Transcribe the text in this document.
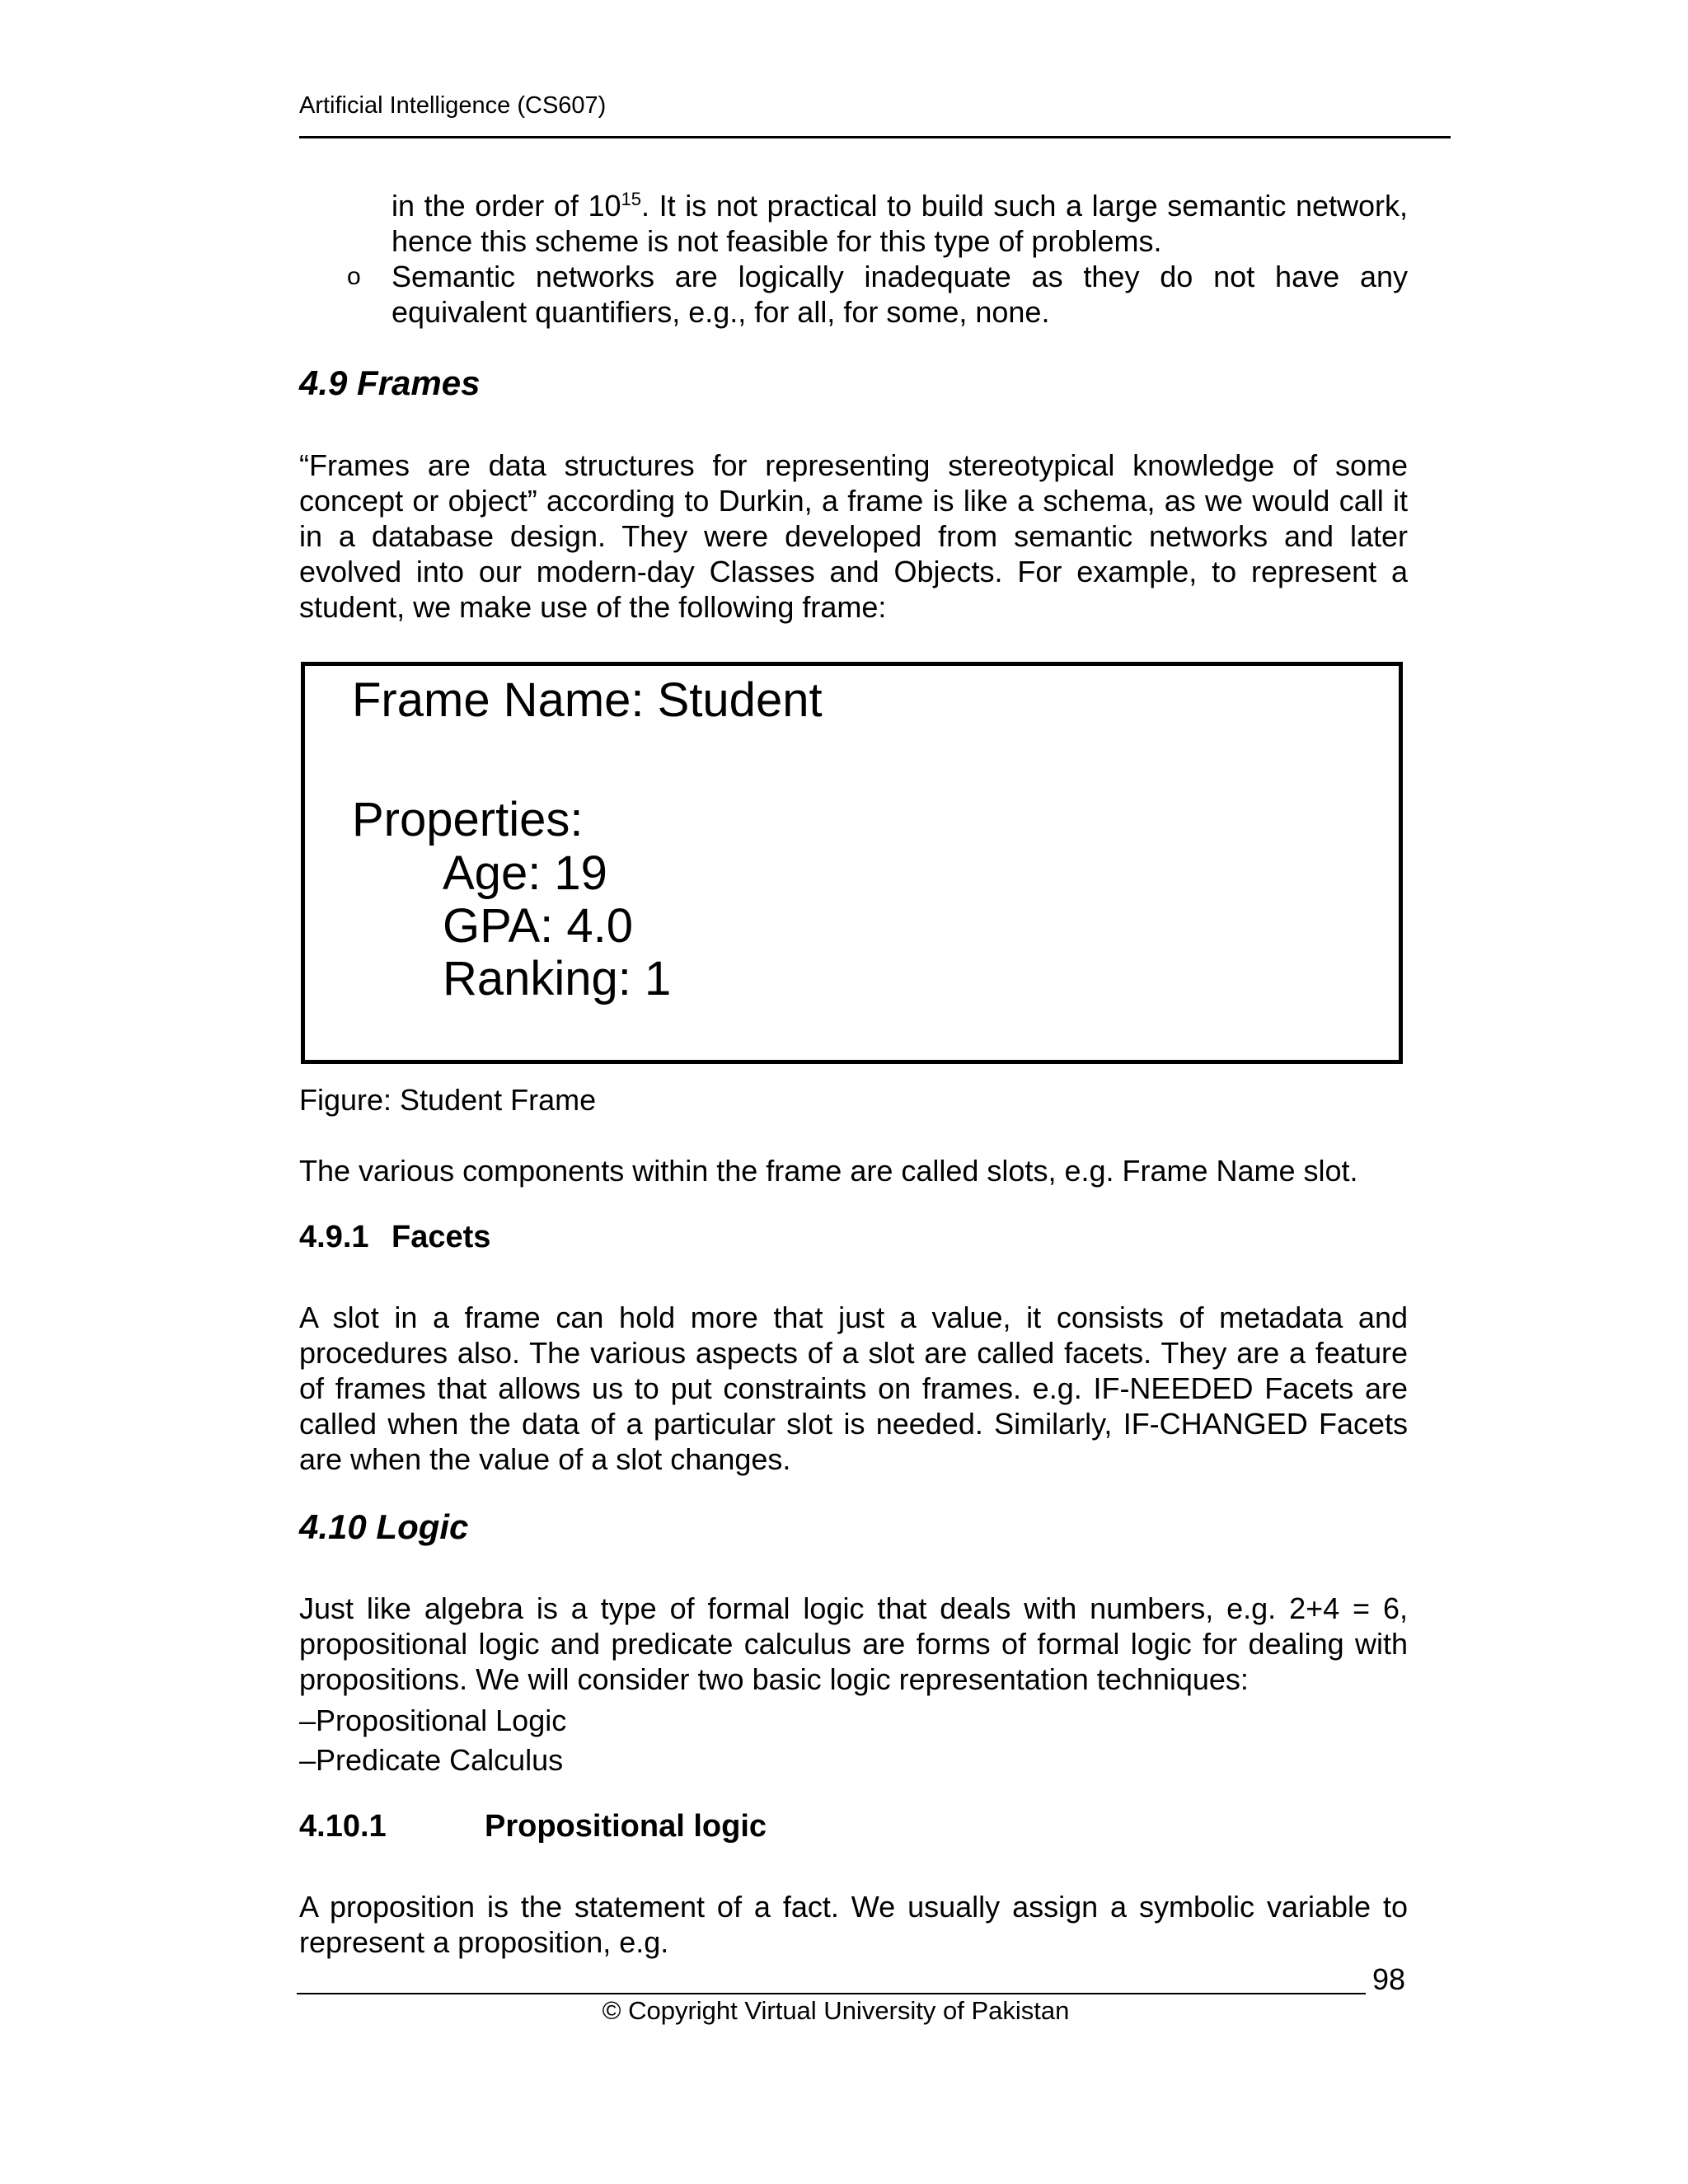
Artificial Intelligence (CS607)
in the order of $10^{15}$. It is not practical to build such a large semantic network, hence this scheme is not feasible for this type of problems.
o Semantic networks are logically inadequate as they do not have any equivalent quantifiers, e.g., for all, for some, none.
4.9 Frames

“Frames are data structures for representing stereotypical knowledge of some concept or object” according to Durkin, a frame is like a schema, as we would call it in a database design. They were developed from semantic networks and later evolved into our modern-day Classes and Objects. For example, to represent a student, we make use of the following frame:

Frame Name: Student
Properties:
Age: 19
GPA: 4.0
Ranking: 1

Figure: Student Frame

The various components within the frame are called slots, e.g. Frame Name slot.

4.9.1 Facets

A slot in a frame can hold more that just a value, it consists of metadata and procedures also. The various aspects of a slot are called facets. They are a feature of frames that allows us to put constraints on frames. e.g. IF-NEEDED Facets are called when the data of a particular slot is needed. Similarly, IF-CHANGED Facets are when the value of a slot changes.

4.10 Logic

Just like algebra is a type of formal logic that deals with numbers, e.g. 2+4 = 6, propositional logic and predicate calculus are forms of formal logic for dealing with propositions. We will consider two basic logic representation techniques:

–Propositional Logic
–Predicate Calculus
4.10.1	Propositional logic

A proposition is the statement of a fact. We usually assign a symbolic variable to represent a proposition, e.g.

98
© Copyright Virtual University of Pakistan
